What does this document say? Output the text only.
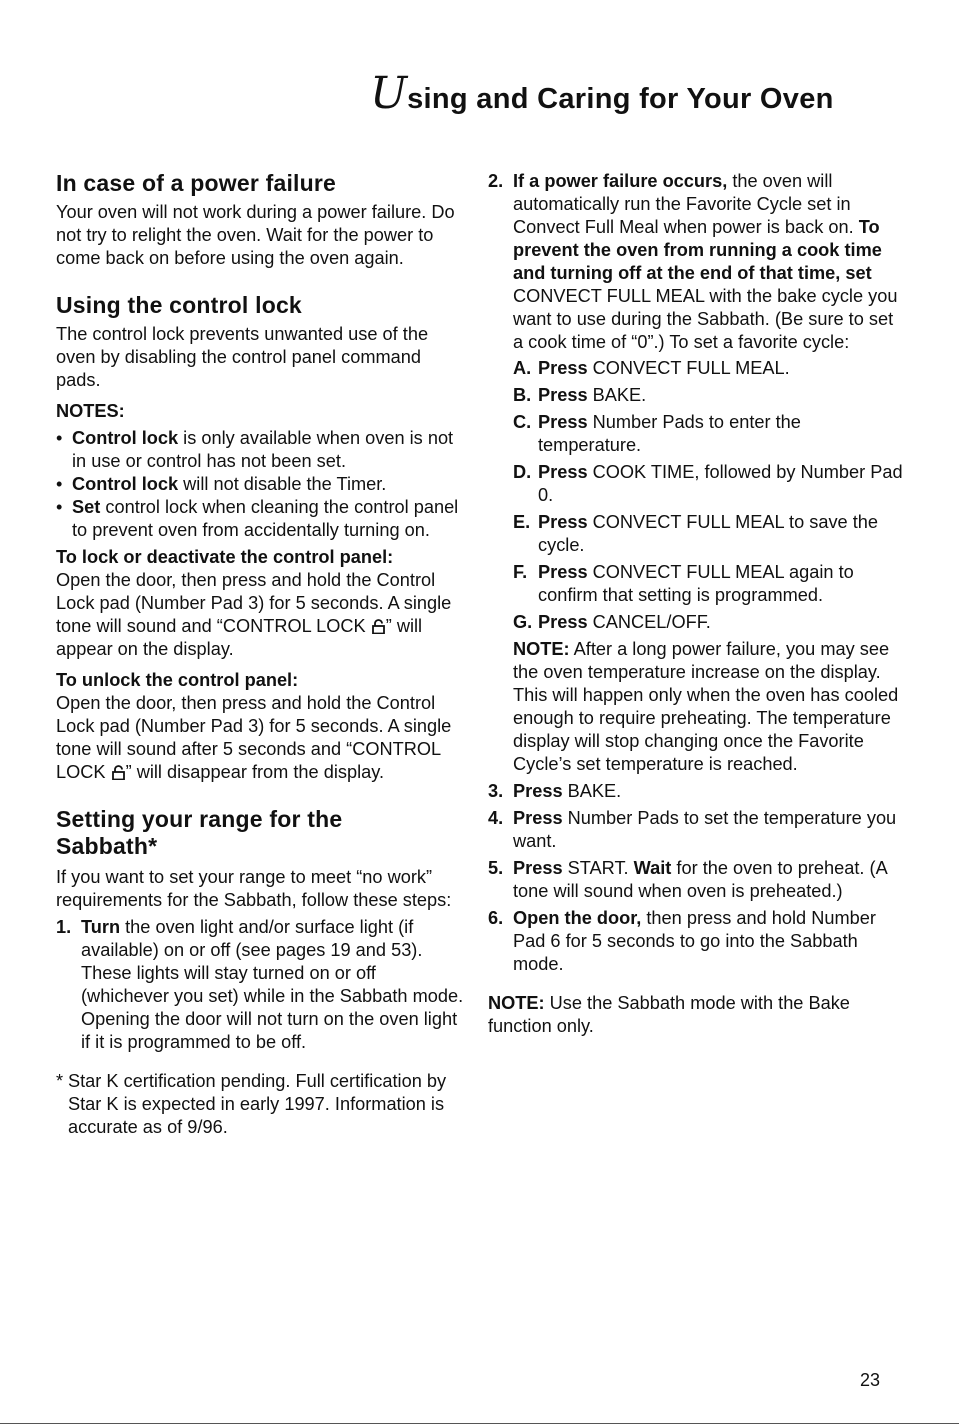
Using and Caring for Your Oven
In case of a power failure

Your oven will not work during a power failure. Do not try to relight the oven. Wait for the power to come back on before using the oven again.

Using the control lock

The control lock prevents unwanted use of the oven by disabling the control panel command pads.

NOTES:

• Control lock is only available when oven is not in use or control has not been set.
• Control lock will not disable the Timer.
• Set control lock when cleaning the control panel to prevent oven from accidentally turning on.

To lock or deactivate the control panel:

Open the door, then press and hold the Control Lock pad (Number Pad 3) for 5 seconds. A single tone will sound and “CONTROL LOCK
” will appear on the display.

To unlock the control panel:

Open the door, then press and hold the Control Lock pad (Number Pad 3) for 5 seconds. A single tone will sound after 5 seconds and “CONTROL LOCK
” will disappear from the display.

Setting your range for the Sabbath*

If you want to set your range to meet “no work” requirements for the Sabbath, follow these steps:

1. Turn the oven light and/or surface light (if available) on or off (see pages 19 and 53). These lights will stay turned on or off (whichever you set) while in the Sabbath mode. Opening the door will not turn on the oven light if it is programmed to be off.

* Star K certification pending. Full certification by Star K is expected in early 1997. Information is accurate as of 9/96.

2. If a power failure occurs, the oven will automatically run the Favorite Cycle set in Convect Full Meal when power is back on. To prevent the oven from running a cook time and turning off at the end of that time, set CONVECT FULL MEAL with the bake cycle you want to use during the Sabbath. (Be sure to set a cook time of “0”.) To set a favorite cycle:

A. Press CONVECT FULL MEAL.
B. Press BAKE.
C. Press Number Pads to enter the temperature.
D. Press COOK TIME, followed by Number Pad 0.
E. Press CONVECT FULL MEAL to save the cycle.
F. Press CONVECT FULL MEAL again to confirm that setting is programmed.
G. Press CANCEL/OFF.

NOTE: After a long power failure, you may see the oven temperature increase on the display. This will happen only when the oven has cooled enough to require preheating. The temperature display will stop changing once the Favorite Cycle’s set temperature is reached.

3. Press BAKE.
4. Press Number Pads to set the temperature you want.
5. Press START. Wait for the oven to preheat. (A tone will sound when oven is preheated.)
6. Open the door, then press and hold Number Pad 6 for 5 seconds to go into the Sabbath mode.

NOTE: Use the Sabbath mode with the Bake function only.

23
